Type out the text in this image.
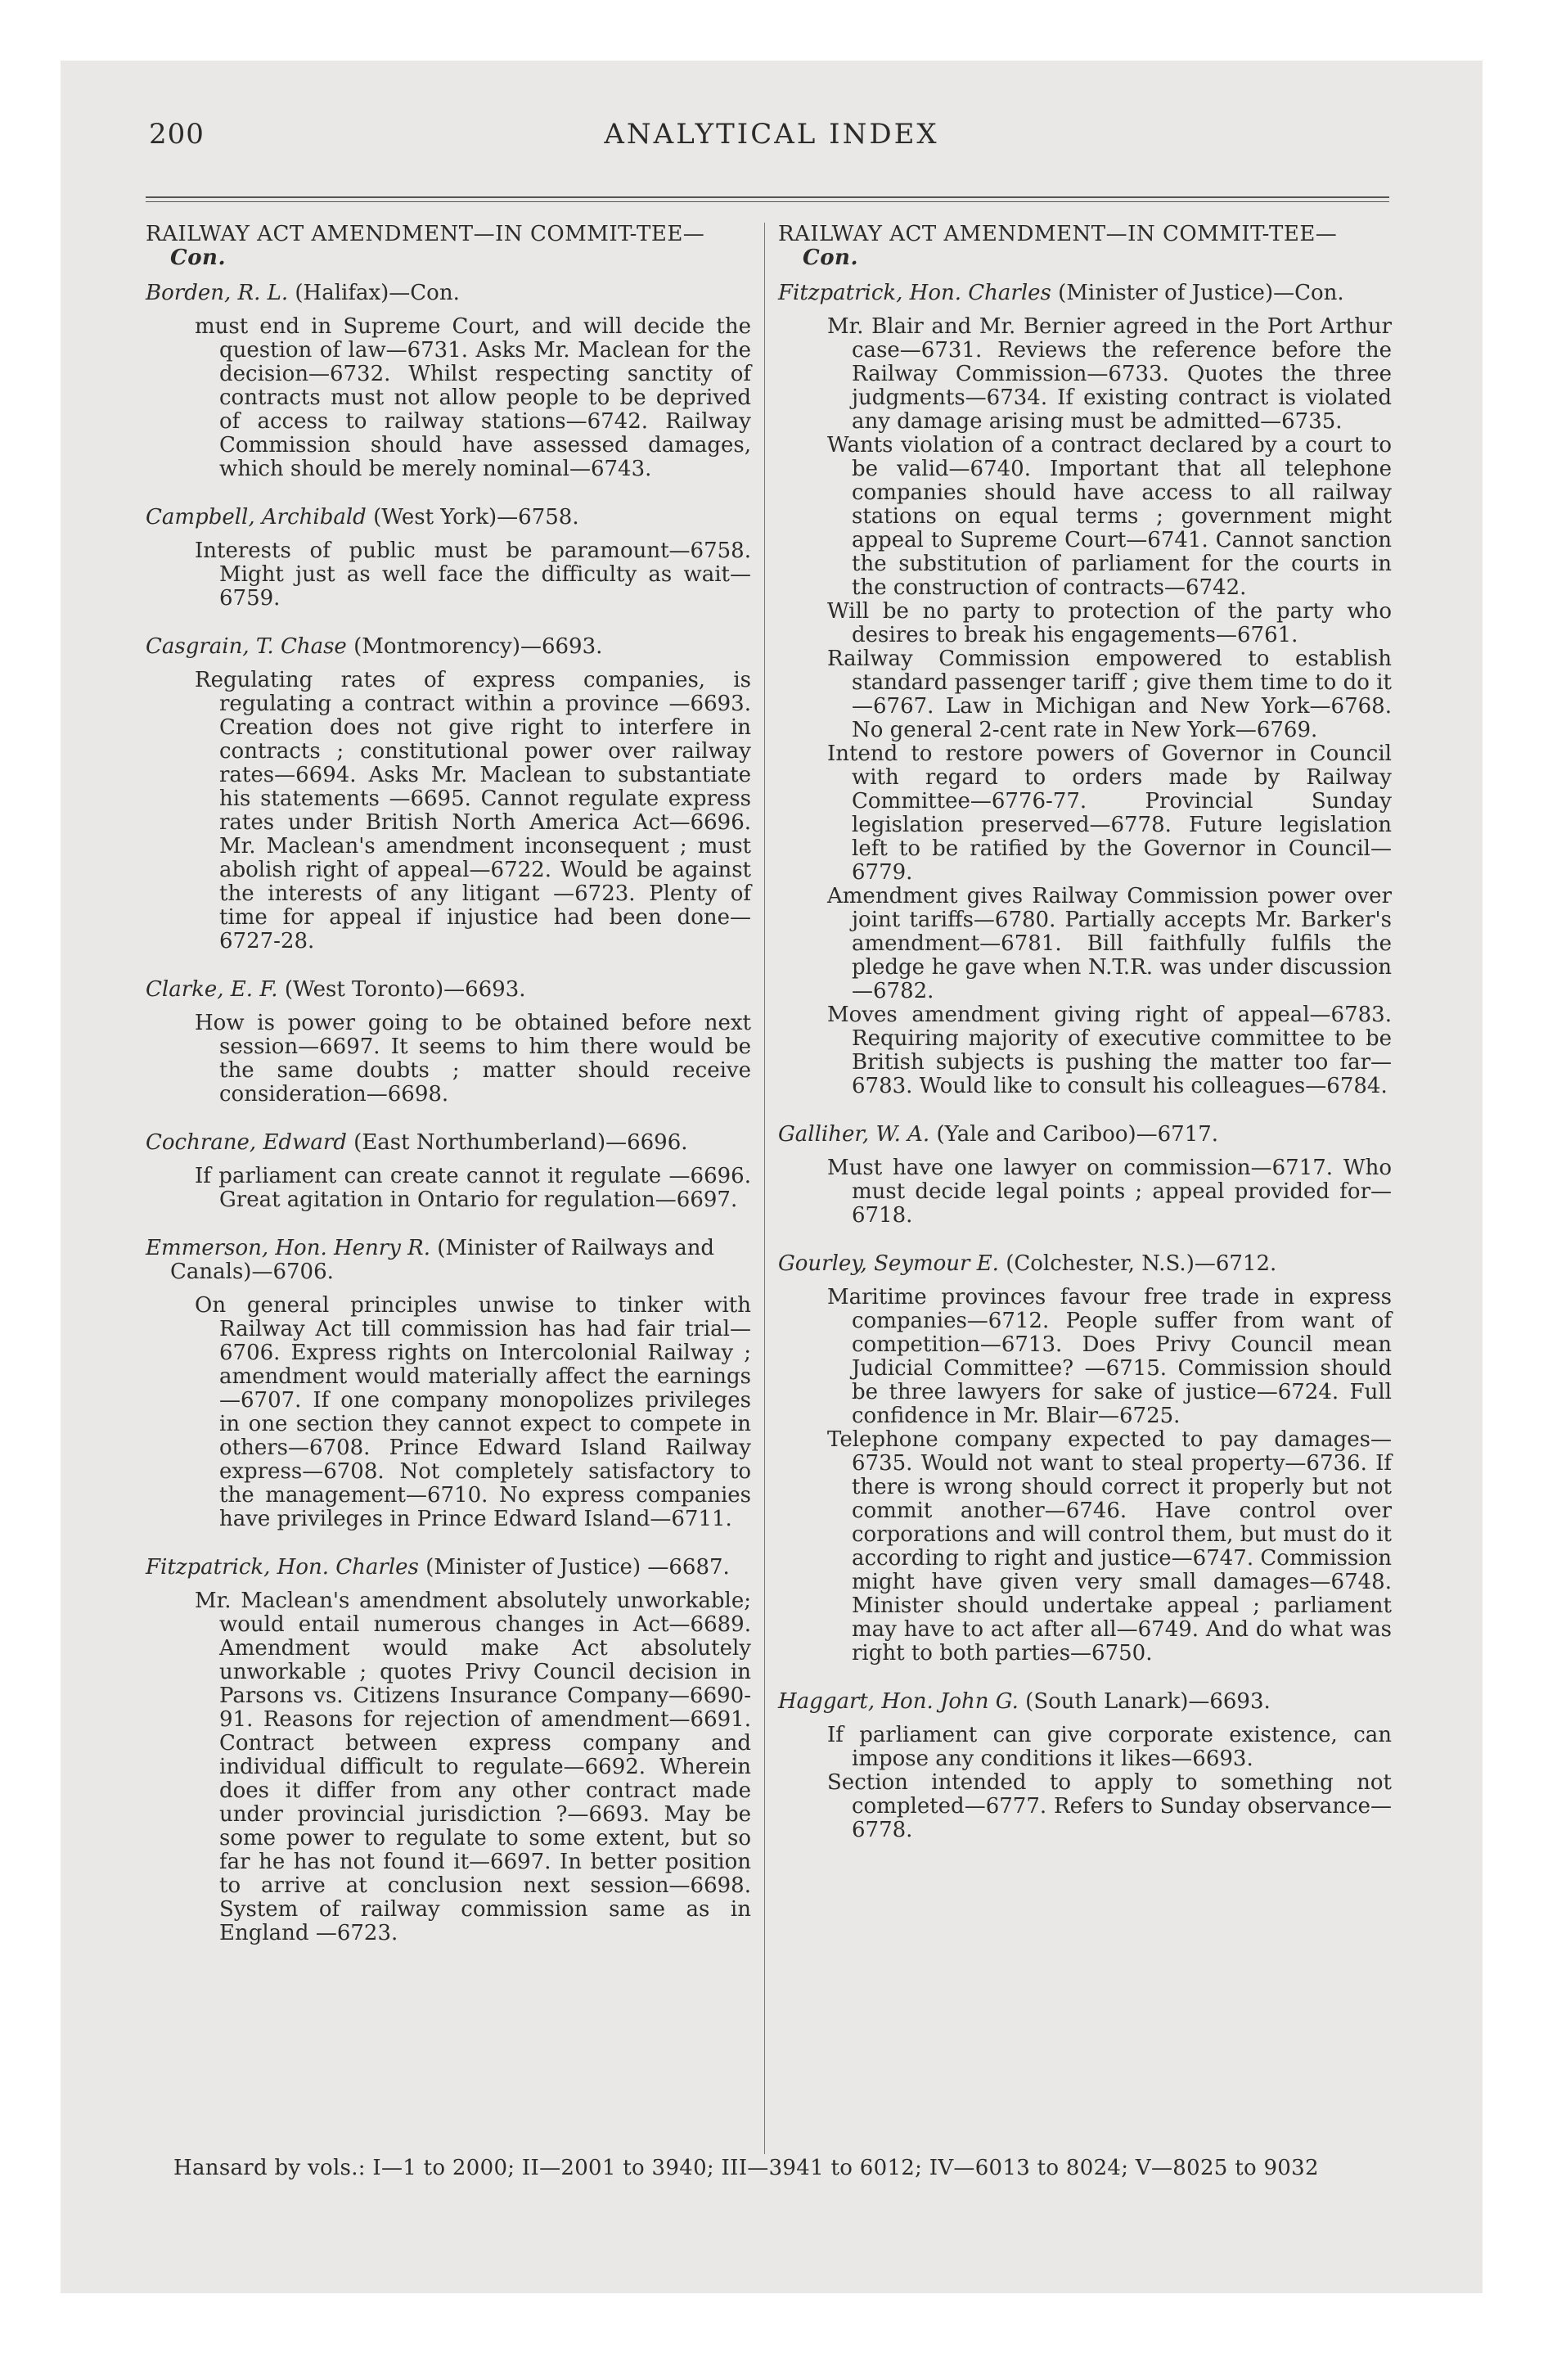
200	ANALYTICAL INDEX

RAILWAY ACT AMENDMENT—IN COMMIT-TEE—Con.

Borden, R. L. (Halifax)—Con.

must end in Supreme Court, and will decide the question of law—6731. Asks Mr. Maclean for the decision—6732. Whilst respecting sanctity of contracts must not allow people to be deprived of access to railway stations—6742. Railway Commission should have assessed damages, which should be merely nominal—6743.

Campbell, Archibald (West York)—6758.

Interests of public must be paramount—6758. Might just as well face the difficulty as wait—6759.

Casgrain, T. Chase (Montmorency)—6693.

Regulating rates of express companies, is regulating a contract within a province —6693. Creation does not give right to interfere in contracts ; constitutional power over railway rates—6694. Asks Mr. Maclean to substantiate his statements —6695. Cannot regulate express rates under British North America Act—6696. Mr. Maclean's amendment inconsequent ; must abolish right of appeal—6722. Would be against the interests of any litigant —6723. Plenty of time for appeal if injustice had been done—6727-28.

Clarke, E. F. (West Toronto)—6693.

How is power going to be obtained before next session—6697. It seems to him there would be the same doubts ; matter should receive consideration—6698.

Cochrane, Edward (East Northumberland)—6696.

If parliament can create cannot it regulate —6696. Great agitation in Ontario for regulation—6697.

Emmerson, Hon. Henry R. (Minister of Railways and Canals)—6706.

On general principles unwise to tinker with Railway Act till commission has had fair trial—6706. Express rights on Intercolonial Railway ; amendment would materially affect the earnings—6707. If one company monopolizes privileges in one section they cannot expect to compete in others—6708. Prince Edward Island Railway express—6708. Not completely satisfactory to the management—6710. No express companies have privileges in Prince Edward Island—6711.

Fitzpatrick, Hon. Charles (Minister of Justice) —6687.

Mr. Maclean's amendment absolutely unworkable; would entail numerous changes in Act—6689. Amendment would make Act absolutely unworkable ; quotes Privy Council decision in Parsons vs. Citizens Insurance Company—6690-91. Reasons for rejection of amendment—6691. Contract between express company and individual difficult to regulate—6692. Wherein does it differ from any other contract made under provincial jurisdiction ?—6693. May be some power to regulate to some extent, but so far he has not found it—6697. In better position to arrive at conclusion next session—6698. System of railway commission same as in England —6723.

RAILWAY ACT AMENDMENT—IN COMMIT-TEE—Con.

Fitzpatrick, Hon. Charles (Minister of Justice)—Con.

Mr. Blair and Mr. Bernier agreed in the Port Arthur case—6731. Reviews the reference before the Railway Commission—6733. Quotes the three judgments—6734. If existing contract is violated any damage arising must be admitted—6735.

Wants violation of a contract declared by a court to be valid—6740. Important that all telephone companies should have access to all railway stations on equal terms ; government might appeal to Supreme Court—6741. Cannot sanction the substitution of parliament for the courts in the construction of contracts—6742.

Will be no party to protection of the party who desires to break his engagements—6761.

Railway Commission empowered to establish standard passenger tariff ; give them time to do it—6767. Law in Michigan and New York—6768. No general 2-cent rate in New York—6769.

Intend to restore powers of Governor in Council with regard to orders made by Railway Committee—6776-77. Provincial Sunday legislation preserved—6778. Future legislation left to be ratified by the Governor in Council—6779.

Amendment gives Railway Commission power over joint tariffs—6780. Partially accepts Mr. Barker's amendment—6781. Bill faithfully fulfils the pledge he gave when N.T.R. was under discussion—6782.

Moves amendment giving right of appeal—6783. Requiring majority of executive committee to be British subjects is pushing the matter too far—6783. Would like to consult his colleagues—6784.

Galliher, W. A. (Yale and Cariboo)—6717.

Must have one lawyer on commission—6717. Who must decide legal points ; appeal provided for—6718.

Gourley, Seymour E. (Colchester, N.S.)—6712.

Maritime provinces favour free trade in express companies—6712. People suffer from want of competition—6713. Does Privy Council mean Judicial Committee? —6715. Commission should be three lawyers for sake of justice—6724. Full confidence in Mr. Blair—6725.

Telephone company expected to pay damages—6735. Would not want to steal property—6736. If there is wrong should correct it properly but not commit another—6746. Have control over corporations and will control them, but must do it according to right and justice—6747. Commission might have given very small damages—6748. Minister should undertake appeal ; parliament may have to act after all—6749. And do what was right to both parties—6750.

Haggart, Hon. John G. (South Lanark)—6693.

If parliament can give corporate existence, can impose any conditions it likes—6693.

Section intended to apply to something not completed—6777. Refers to Sunday observance—6778.

Hansard by vols.: I—1 to 2000; II—2001 to 3940; III—3941 to 6012; IV—6013 to 8024; V—8025 to 9032
